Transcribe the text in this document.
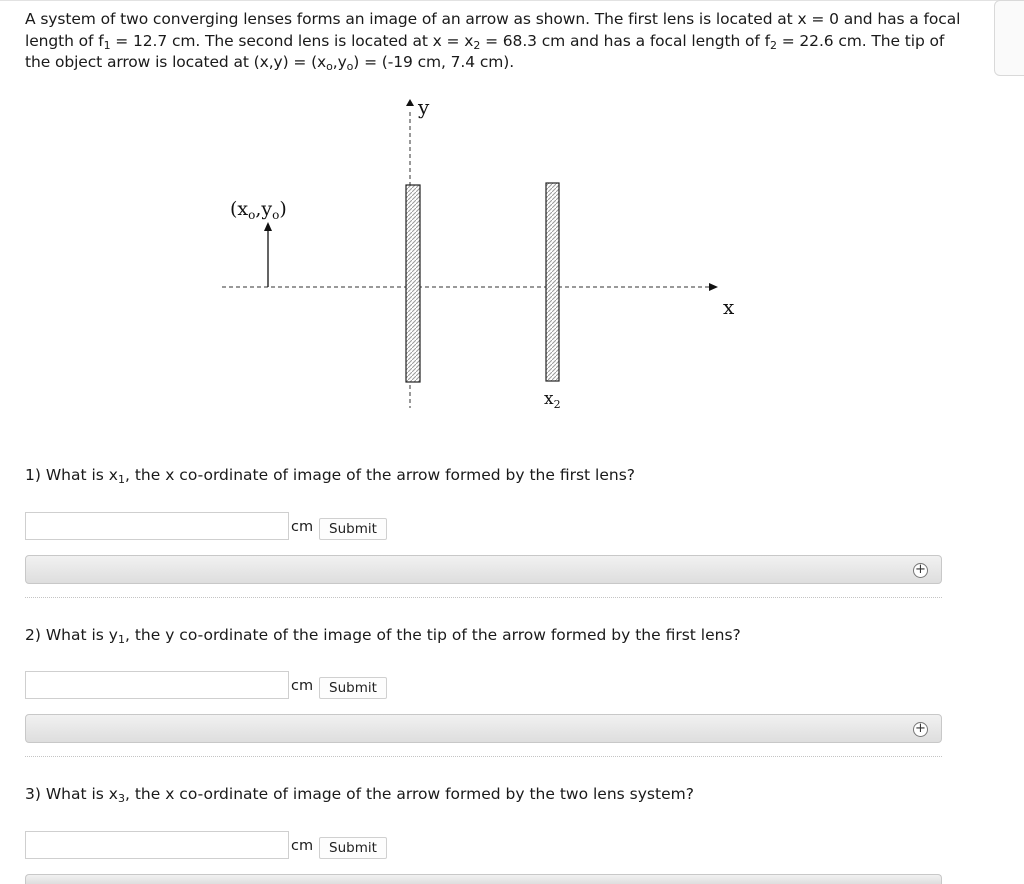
A system of two converging lenses forms an image of an arrow as shown. The first lens is located at x = 0 and has a focal length of $f_1 = 12.7$ cm. The second lens is located at $x = x_2 = 68.3$ cm and has a focal length of $f_2 = 22.6$ cm. The tip of the object arrow is located at $(x,y) = (x_o,y_o) = (-19$ cm, 7.4 cm).
y
x
$(x_o,y_o)$
$x_2$
1) What is $x_1$, the x co-ordinate of image of the arrow formed by the first lens?
cm	Submit
+
2) What is $y_1$, the y co-ordinate of the image of the tip of the arrow formed by the first lens?
cm	Submit
+
3) What is $x_3$, the x co-ordinate of image of the arrow formed by the two lens system?
cm	Submit
